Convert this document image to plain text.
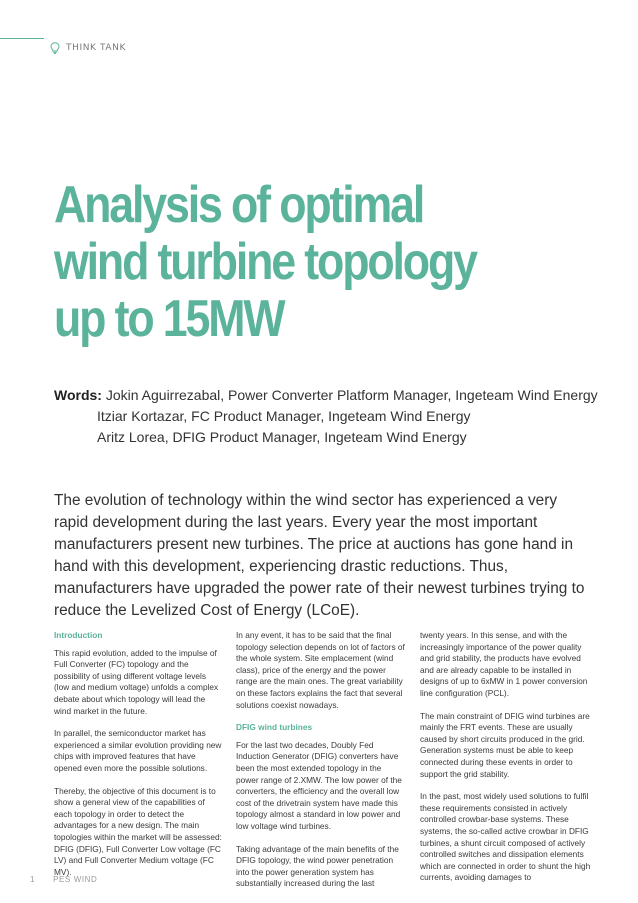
THINK TANK
Analysis of optimal
wind turbine topology
up to 15MW
Words: Jokin Aguirrezabal, Power Converter Platform Manager, Ingeteam Wind Energy
Itziar Kortazar, FC Product Manager, Ingeteam Wind Energy
Aritz Lorea, DFIG Product Manager, Ingeteam Wind Energy

The evolution of technology within the wind sector has experienced a very rapid development during the last years. Every year the most important manufacturers present new turbines. The price at auctions has gone hand in hand with this development, experiencing drastic reductions. Thus, manufacturers have upgraded the power rate of their newest turbines trying to reduce the Levelized Cost of Energy (LCoE).

Introduction

This rapid evolution, added to the impulse of Full Converter (FC) topology and the possibility of using different voltage levels (low and medium voltage) unfolds a complex debate about which topology will lead the wind market in the future.

In parallel, the semiconductor market has experienced a similar evolution providing new chips with improved features that have opened even more the possible solutions.

Thereby, the objective of this document is to show a general view of the capabilities of each topology in order to detect the advantages for a new design. The main topologies within the market will be assessed: DFIG (DFIG), Full Converter Low voltage (FC LV) and Full Converter Medium voltage (FC MV).

In any event, it has to be said that the final topology selection depends on lot of factors of the whole system. Site emplacement (wind class), price of the energy and the power range are the main ones. The great variability on these factors explains the fact that several solutions coexist nowadays.

DFIG wind turbines

For the last two decades, Doubly Fed Induction Generator (DFIG) converters have been the most extended topology in the power range of 2.XMW. The low power of the converters, the efficiency and the overall low cost of the drivetrain system have made this topology almost a standard in low power and low voltage wind turbines.

Taking advantage of the main benefits of the DFIG topology, the wind power penetration into the power generation system has substantially increased during the last

twenty years. In this sense, and with the increasingly importance of the power quality and grid stability, the products have evolved and are already capable to be installed in designs of up to 6xMW in 1 power conversion line configuration (PCL).

The main constraint of DFIG wind turbines are mainly the FRT events. These are usually caused by short circuits produced in the grid. Generation systems must be able to keep connected during these events in order to support the grid stability.

In the past, most widely used solutions to fulfil these requirements consisted in actively controlled crowbar-base systems. These systems, the so-called active crowbar in DFIG turbines, a shunt circuit composed of actively controlled switches and dissipation elements which are connected in order to shunt the high currents, avoiding damages to

1 PES WIND
